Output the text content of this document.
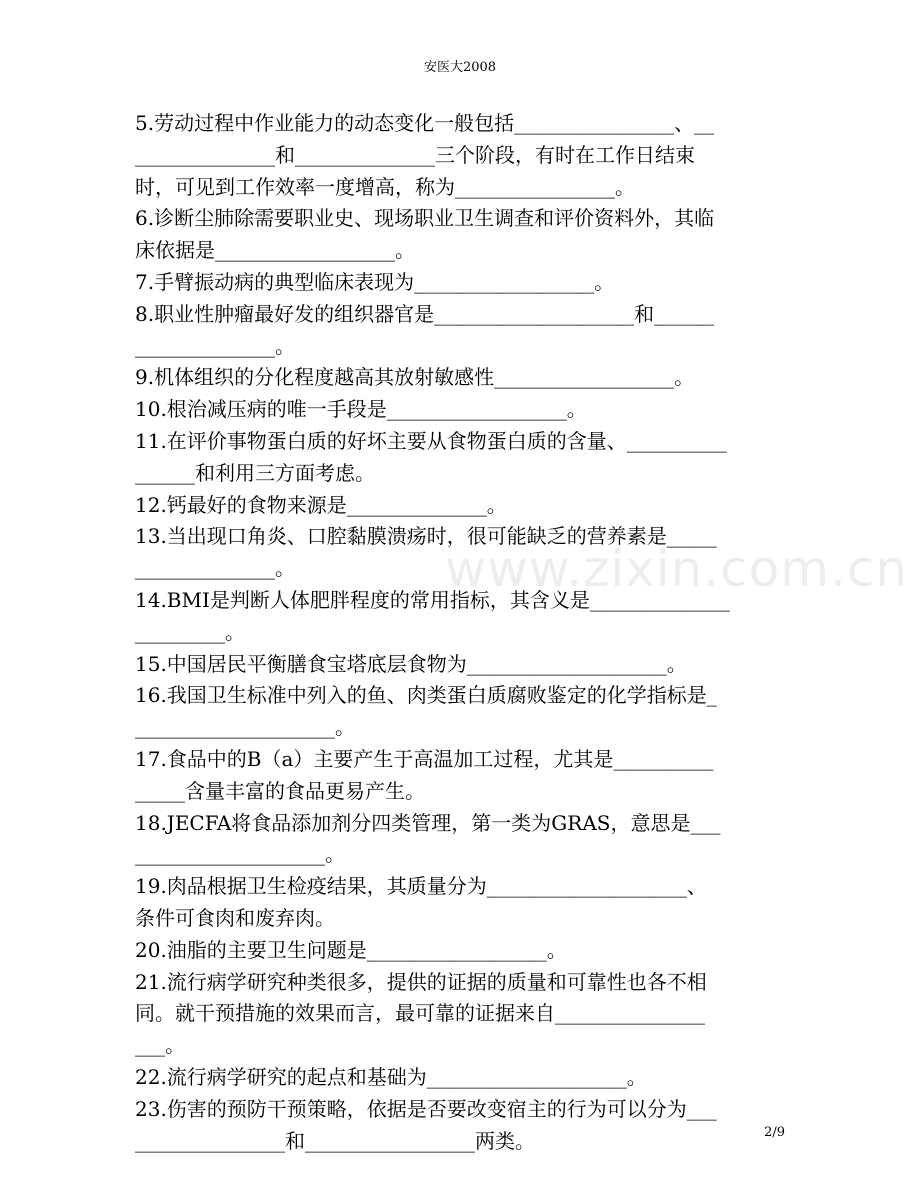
安医大2008
www.zixin.com.cn
5.劳动过程中作业能力的动态变化一般包括________________、__
______________和______________三个阶段，有时在工作日结束
时，可见到工作效率一度增高，称为________________。
6.诊断尘肺除需要职业史、现场职业卫生调查和评价资料外，其临
床依据是__________________。
7.手臂振动病的典型临床表现为__________________。
8.职业性肿瘤最好发的组织器官是____________________和______
______________。
9.机体组织的分化程度越高其放射敏感性__________________。
10.根治减压病的唯一手段是__________________。
11.在评价事物蛋白质的好坏主要从食物蛋白质的含量、__________
______和利用三方面考虑。
12.钙最好的食物来源是______________。
13.当出现口角炎、口腔黏膜溃疡时，很可能缺乏的营养素是_____
______________。
14.BMI是判断人体肥胖程度的常用指标，其含义是______________
_________。
15.中国居民平衡膳食宝塔底层食物为____________________。
16.我国卫生标准中列入的鱼、肉类蛋白质腐败鉴定的化学指标是_
____________________。
17.食品中的B（a）主要产生于高温加工过程，尤其是__________
_____含量丰富的食品更易产生。
18.JECFA将食品添加剂分四类管理，第一类为GRAS，意思是___
___________________。
19.肉品根据卫生检疫结果，其质量分为____________________、
条件可食肉和废弃肉。
20.油脂的主要卫生问题是__________________。
21.流行病学研究种类很多，提供的证据的质量和可靠性也各不相
同。就干预措施的效果而言，最可靠的证据来自_______________
___。
22.流行病学研究的起点和基础为____________________。
23.伤害的预防干预策略，依据是否要改变宿主的行为可以分为___
_______________和_________________两类。	2/9
